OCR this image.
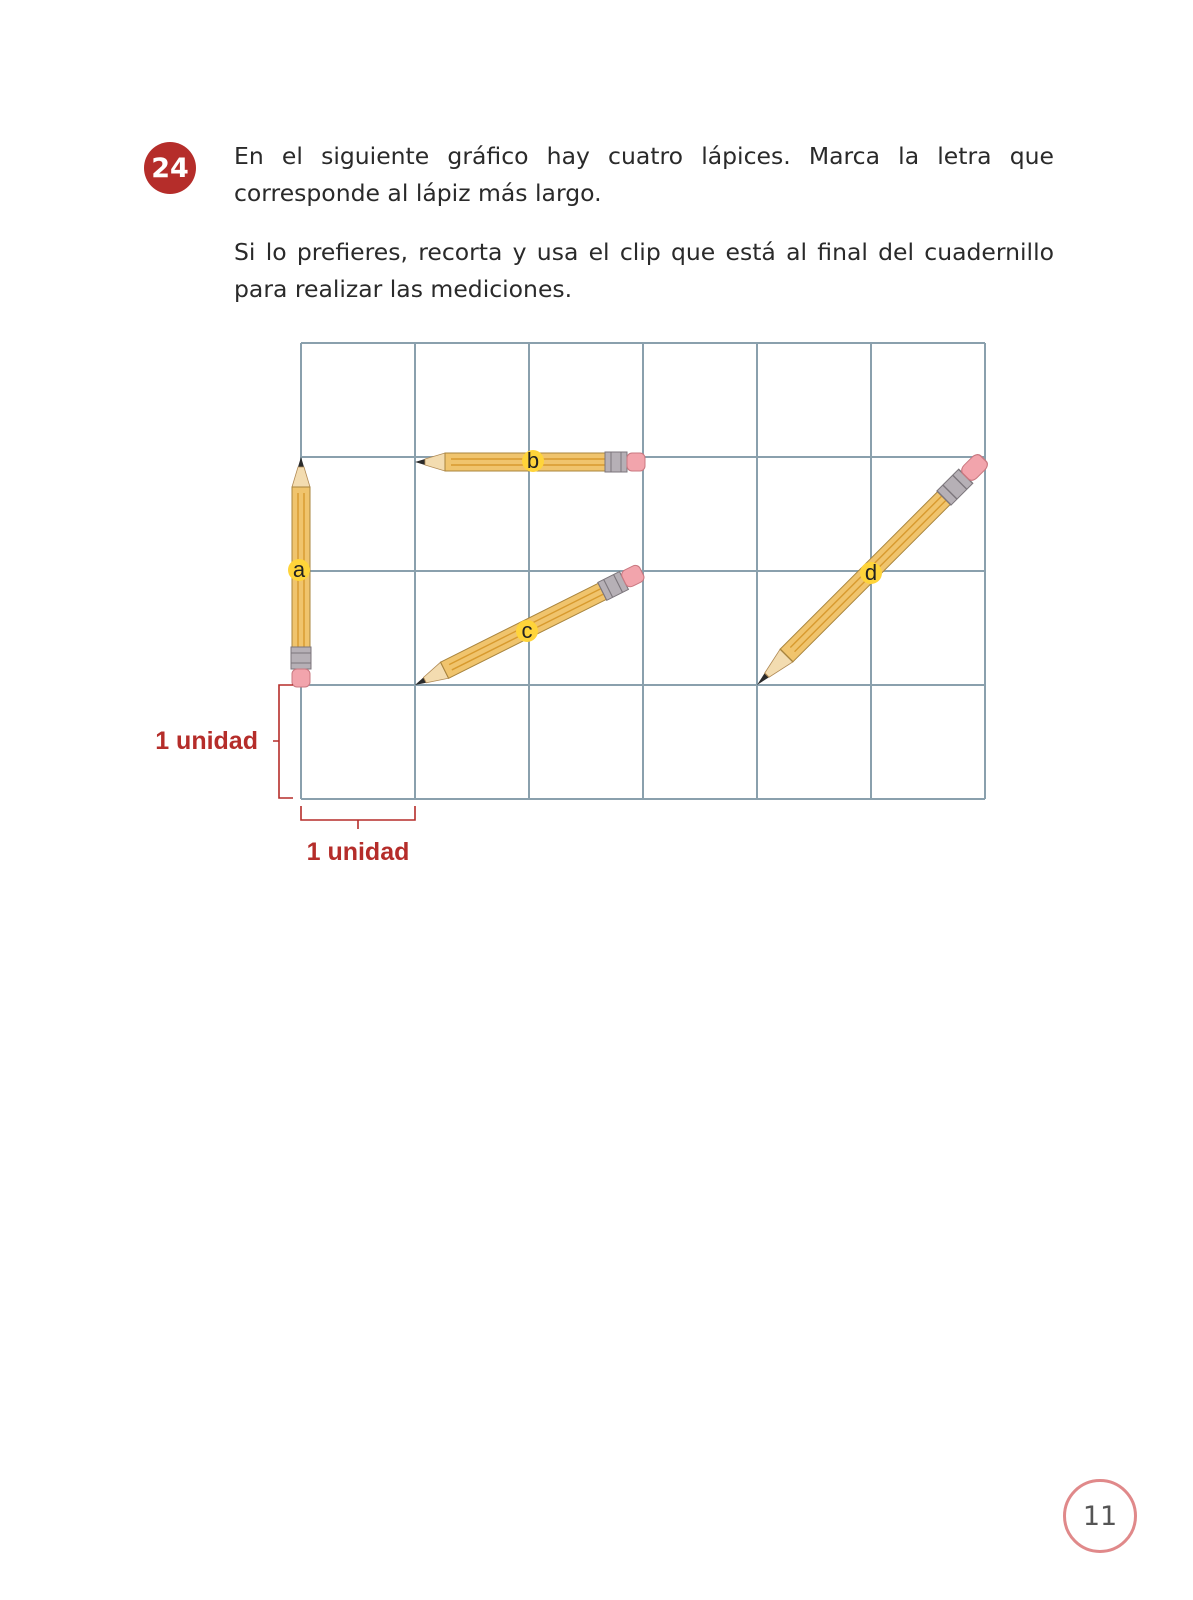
24	En el siguiente gráfico hay cuatro lápices. Marca la letra que corresponde al lápiz más largo.

Si lo prefieres, recorta y usa el clip que está al final del cuadernillo para realizar las mediciones.

a
b
c
d
1 unidad
1 unidad
11
